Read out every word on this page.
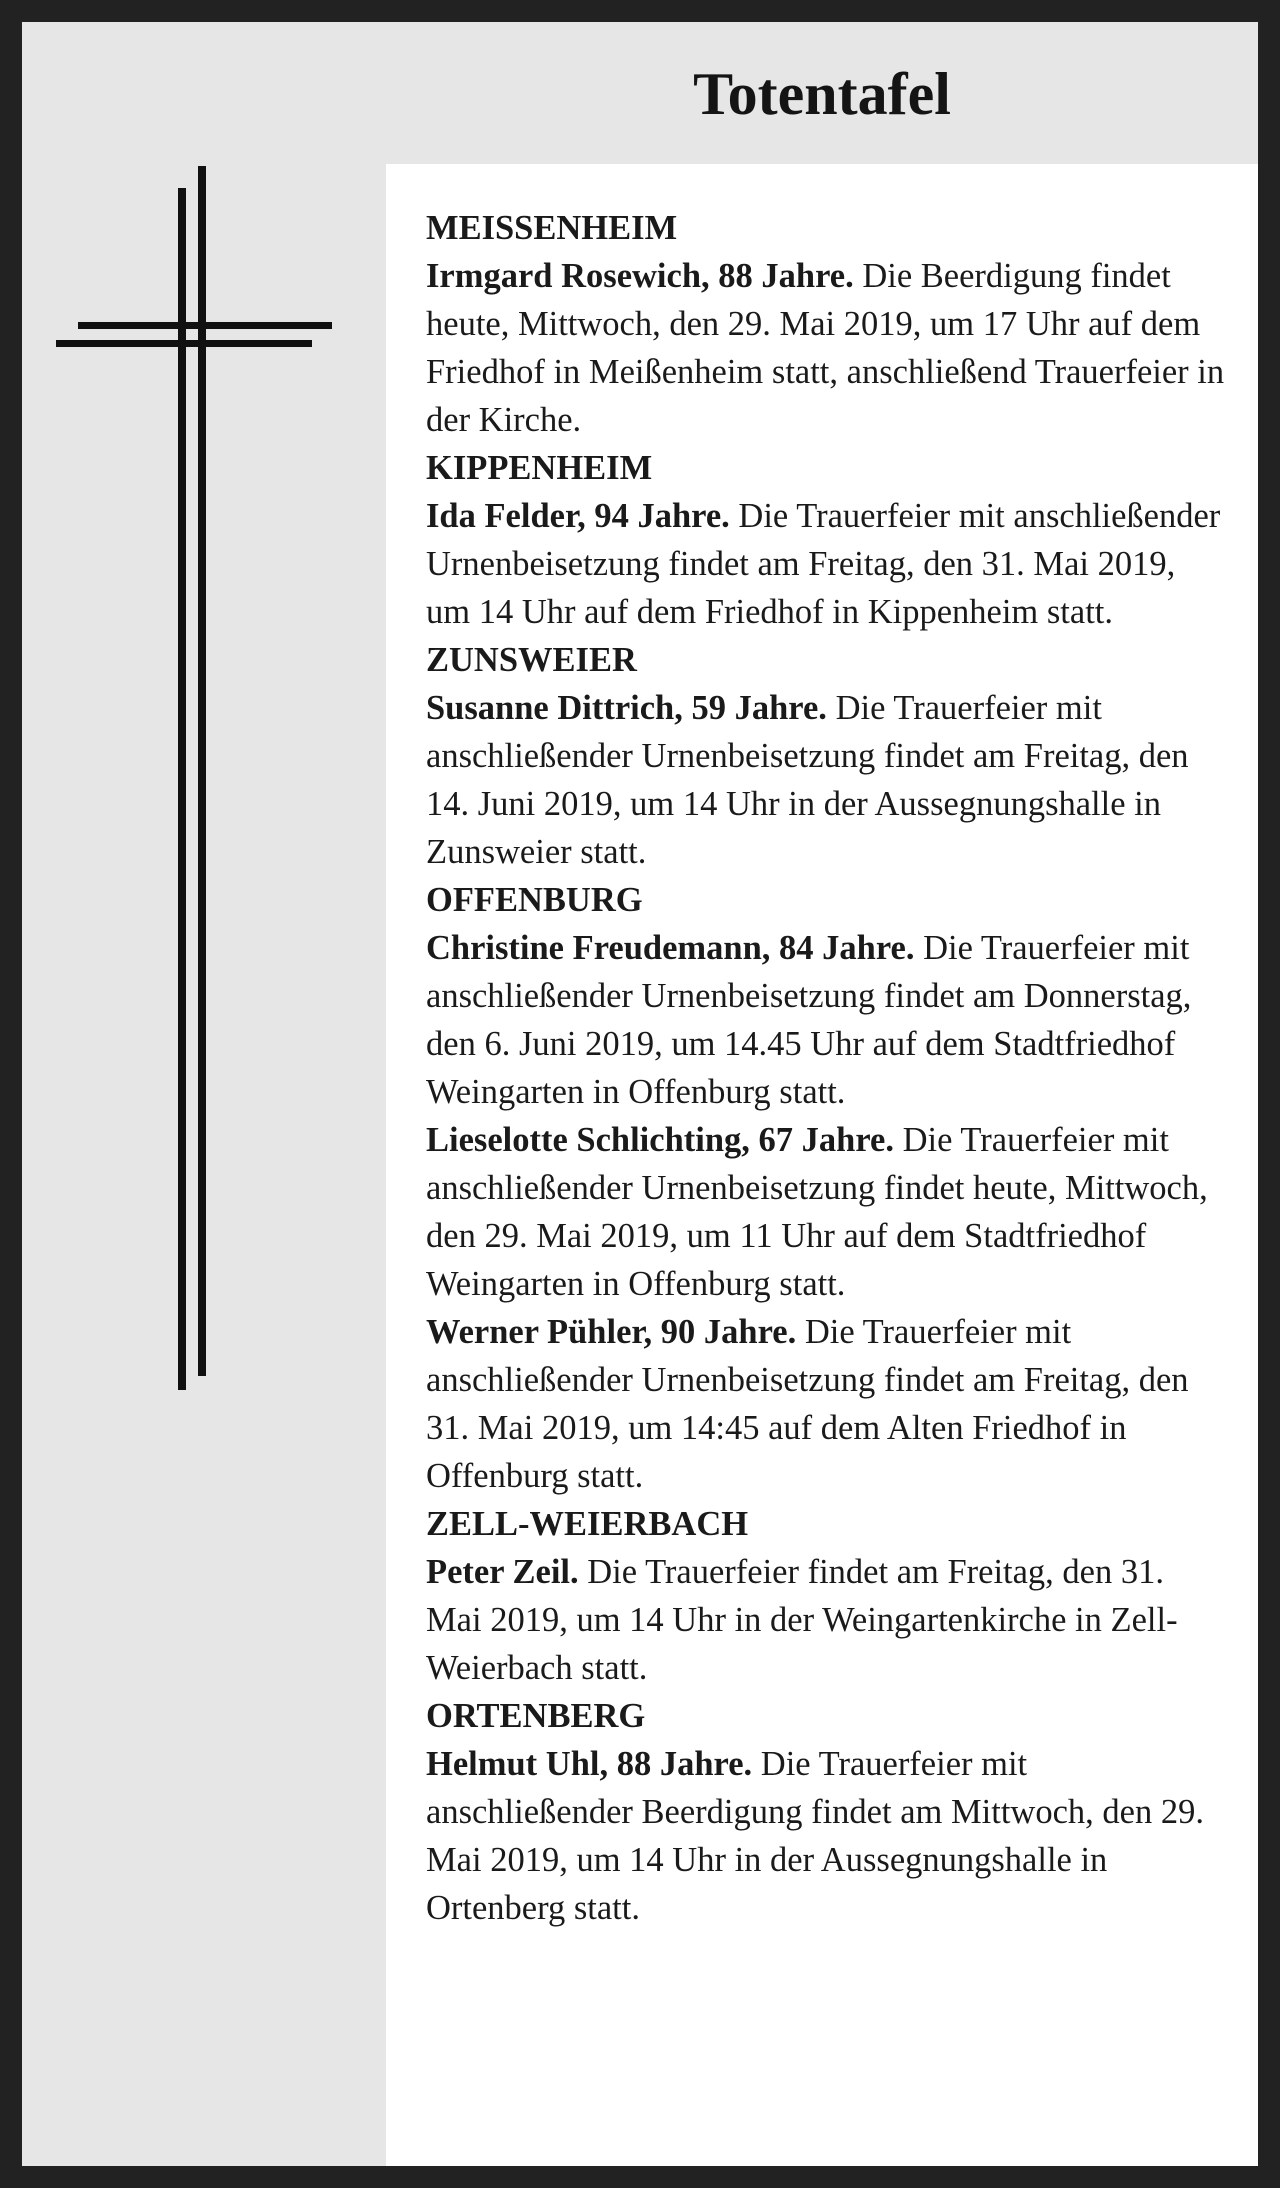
Totentafel
MEISSENHEIM

Irmgard Rosewich, 88 Jahre. Die Beerdigung findet heute, Mittwoch, den 29. Mai 2019, um 17 Uhr auf dem Friedhof in Meißenheim statt, anschließend Trauerfeier in der Kirche.

KIPPENHEIM

Ida Felder, 94 Jahre. Die Trauerfeier mit anschließender Urnenbeisetzung findet am Freitag, den 31. Mai 2019, um 14 Uhr auf dem Friedhof in Kippenheim statt.

ZUNSWEIER

Susanne Dittrich, 59 Jahre. Die Trauerfeier mit anschließender Urnenbeisetzung findet am Freitag, den 14. Juni 2019, um 14 Uhr in der Aussegnungshalle in Zunsweier statt.

OFFENBURG

Christine Freudemann, 84 Jahre. Die Trauerfeier mit anschließender Urnenbeisetzung findet am Donnerstag, den 6. Juni 2019, um 14.45 Uhr auf dem Stadtfriedhof Weingarten in Offenburg statt.

Lieselotte Schlichting, 67 Jahre. Die Trauerfeier mit anschließender Urnenbeisetzung findet heute, Mittwoch, den 29. Mai 2019, um 11 Uhr auf dem Stadtfriedhof Weingarten in Offenburg statt.

Werner Pühler, 90 Jahre. Die Trauerfeier mit anschließender Urnenbeisetzung findet am Freitag, den 31. Mai 2019, um 14:45 auf dem Alten Friedhof in Offenburg statt.

ZELL-WEIERBACH

Peter Zeil. Die Trauerfeier findet am Freitag, den 31. Mai 2019, um 14 Uhr in der Weingartenkirche in Zell-Weierbach statt.

ORTENBERG

Helmut Uhl, 88 Jahre. Die Trauerfeier mit anschließender Beerdigung findet am Mittwoch, den 29. Mai 2019, um 14 Uhr in der Aussegnungshalle in Ortenberg statt.
